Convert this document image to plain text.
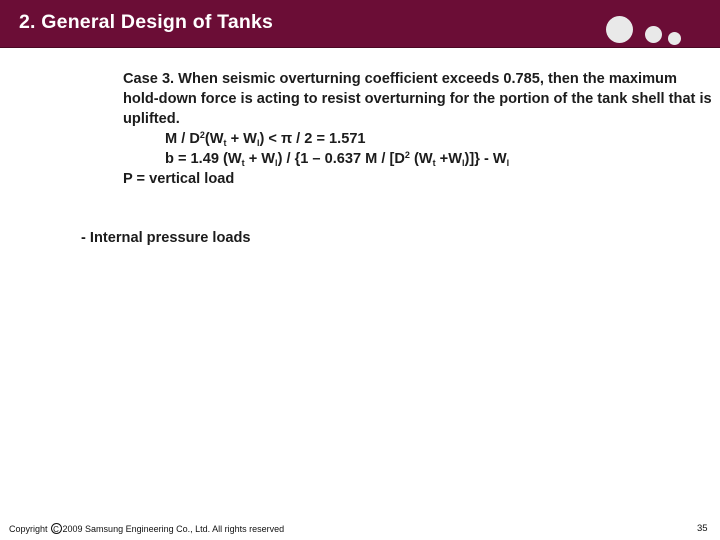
2. General Design of Tanks

Case 3. When seismic overturning coefficient exceeds 0.785, then the maximum hold-down force is acting to resist overturning for the portion of the tank shell that is uplifted.

$M / D^2(W_t + W_l) < \pi / 2 = 1.571$
b = 1.49 $(W_t + W_l) / \{1 - 0.637$ M / [$D^2$ $(W_t +W_l)]\} - W_l$
P = vertical load
- Internal pressure loads
Copyright C 2009 Samsung Engineering Co., Ltd. All rights reserved	35
